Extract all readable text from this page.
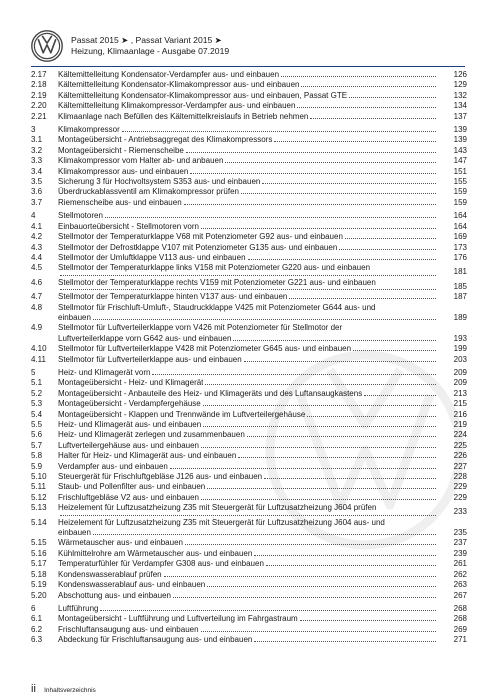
Passat 2015 ➤ , Passat Variant 2015 ➤
Heizung, Klimaanlage - Ausgabe 07.2019
2.17	Kältemittelleitung Kondensator-Verdampfer aus- und einbauen	126
2.18	Kältemittelleitung Kondensator-Klimakompressor aus- und einbauen	129
2.19	Kältemittelleitung Kondensator-Klimakompressor aus- und einbauen, Passat GTE	132
2.20	Kältemittelleitung Klimakompressor-Verdampfer aus- und einbauen	134
2.21	Klimaanlage nach Befüllen des Kältemittelkreislaufs in Betrieb nehmen	137
3	Klimakompressor	139
3.1	Montageübersicht - Antriebsaggregat des Klimakompressors	139
3.2	Montageübersicht - Riemenscheibe	143
3.3	Klimakompressor vom Halter ab- und anbauen	147
3.4	Klimakompressor aus- und einbauen	151
3.5	Sicherung 3 für Hochvoltsystem S353 aus- und einbauen	155
3.6	Überdruckablassventil am Klimakompressor prüfen	159
3.7	Riemenscheibe aus- und einbauen	159
4	Stellmotoren	164
4.1	Einbauorteübersicht - Stellmotoren vorn	164
4.2	Stellmotor der Temperaturklappe V68 mit Potenziometer G92 aus- und einbauen	169
4.3	Stellmotor der Defrostklappe V107 mit Potenziometer G135 aus- und einbauen	173
4.4	Stellmotor der Umluftklappe V113 aus- und einbauen	176
4.5	Stellmotor der Temperaturklappe links V158 mit Potenziometer G220 aus- und einbauen	181
4.6	Stellmotor der Temperaturklappe rechts V159 mit Potenziometer G221 aus- und einbauen	185
4.7	Stellmotor der Temperaturklappe hinten V137 aus- und einbauen	187
4.8	Stellmotor für Frischluft-Umluft-, Staudruckklappe V425 mit Potenziometer G644 aus- und
einbauen	189
4.9	Stellmotor für Luftverteilerklappe vorn V426 mit Potenziometer für Stellmotor der
Luftverteilerklappe vorn G642 aus- und einbauen	193
4.10	Stellmotor für Luftverteilerklappe V428 mit Potenziometer G645 aus- und einbauen	199
4.11	Stellmotor für Luftverteilerklappe aus- und einbauen	203
5	Heiz- und Klimagerät vorn	209
5.1	Montageübersicht - Heiz- und Klimagerät	209
5.2	Montageübersicht - Anbauteile des Heiz- und Klimageräts und des Luftansaugkastens	213
5.3	Montageübersicht - Verdampfergehäuse	215
5.4	Montageübersicht - Klappen und Trennwände im Luftverteilergehäuse	216
5.5	Heiz- und Klimagerät aus- und einbauen	219
5.6	Heiz- und Klimagerät zerlegen und zusammenbauen	224
5.7	Luftverteilergehäuse aus- und einbauen	225
5.8	Halter für Heiz- und Klimagerät aus- und einbauen	226
5.9	Verdampfer aus- und einbauen	227
5.10	Steuergerät für Frischluftgebläse J126 aus- und einbauen	228
5.11	Staub- und Pollenfilter aus- und einbauen	229
5.12	Frischluftgebläse V2 aus- und einbauen	229
5.13	Heizelement für Luftzusatzheizung Z35 mit Steuergerät für Luftzusatzheizung J604 prüfen	233
5.14	Heizelement für Luftzusatzheizung Z35 mit Steuergerät für Luftzusatzheizung J604 aus- und
einbauen	235
5.15	Wärmetauscher aus- und einbauen	237
5.16	Kühlmittelrohre am Wärmetauscher aus- und einbauen	239
5.17	Temperaturfühler für Verdampfer G308 aus- und einbauen	261
5.18	Kondenswasserablauf prüfen	262
5.19	Kondenswasserablauf aus- und einbauen	263
5.20	Abschottung aus- und einbauen	267
6	Luftführung	268
6.1	Montageübersicht - Luftführung und Luftverteilung im Fahrgastraum	268
6.2	Frischluftansaugung aus- und einbauen	269
6.3	Abdeckung für Frischluftansaugung aus- und einbauen	271
ii Inhaltsverzeichnis
